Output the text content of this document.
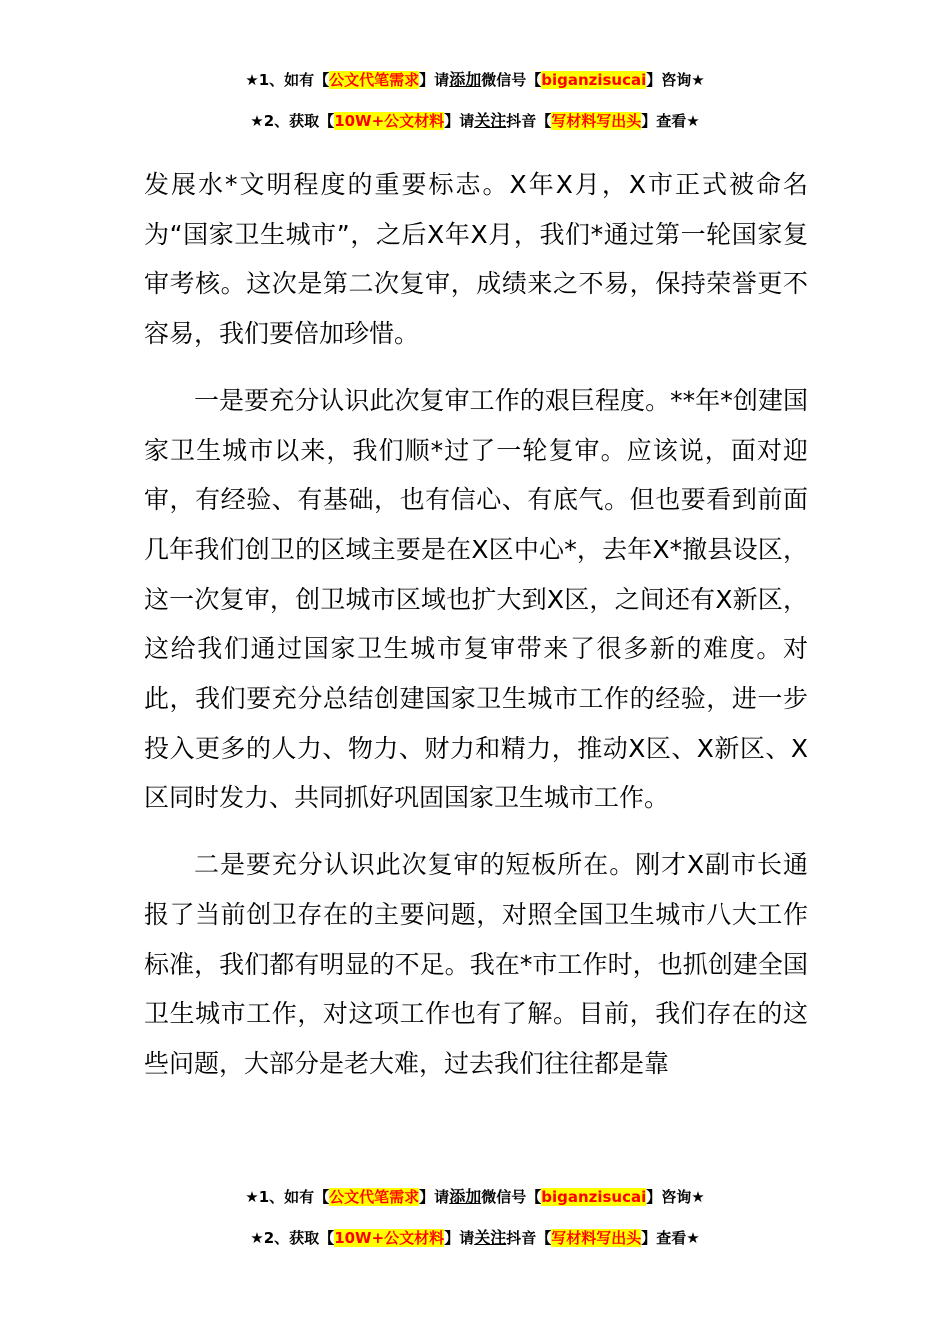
★1、如有【公文代笔需求】请添加微信号【biganzisucai】咨询★
★2、获取【10W+公文材料】请关注抖音【写材料写出头】查看★

发展水*文明程度的重要标志。X年X月，X市正式被命名为“国家卫生城市”，之后X年X月，我们*通过第一轮国家复审考核。这次是第二次复审，成绩来之不易，保持荣誉更不容易，我们要倍加珍惜。

一是要充分认识此次复审工作的艰巨程度。**年*创建国家卫生城市以来，我们顺*过了一轮复审。应该说，面对迎审，有经验、有基础，也有信心、有底气。但也要看到前面几年我们创卫的区域主要是在X区中心*，去年X*撤县设区，这一次复审，创卫城市区域也扩大到X区，之间还有X新区，这给我们通过国家卫生城市复审带来了很多新的难度。对此，我们要充分总结创建国家卫生城市工作的经验，进一步投入更多的人力、物力、财力和精力，推动X区、X新区、X区同时发力、共同抓好巩固国家卫生城市工作。

二是要充分认识此次复审的短板所在。刚才X副市长通报了当前创卫存在的主要问题，对照全国卫生城市八大工作标准，我们都有明显的不足。我在*市工作时，也抓创建全国卫生城市工作，对这项工作也有了解。目前，我们存在的这些问题，大部分是老大难，过去我们往往都是靠

★1、如有【公文代笔需求】请添加微信号【biganzisucai】咨询★
★2、获取【10W+公文材料】请关注抖音【写材料写出头】查看★
